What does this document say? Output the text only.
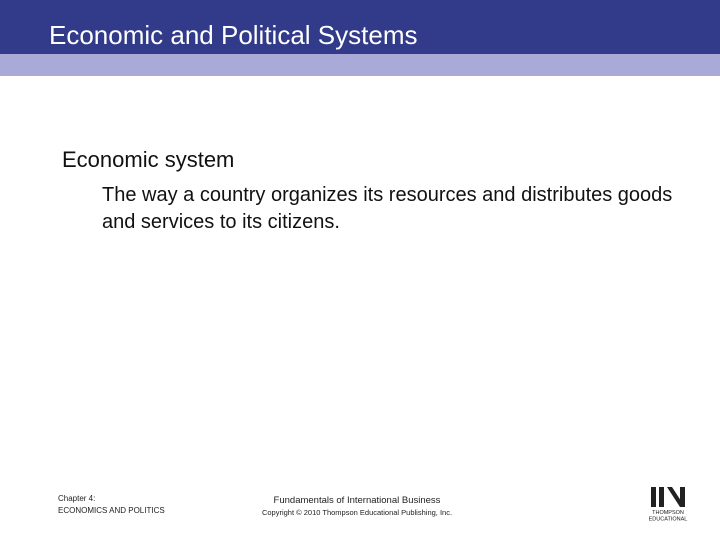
Economic and Political Systems
Economic system

The way a country organizes its resources and distributes goods and services to its citizens.

Chapter 4:
ECONOMICS AND POLITICS
Fundamentals of International Business
Copyright © 2010 Thompson Educational Publishing, Inc.	THOMPSON
EDUCATIONAL
